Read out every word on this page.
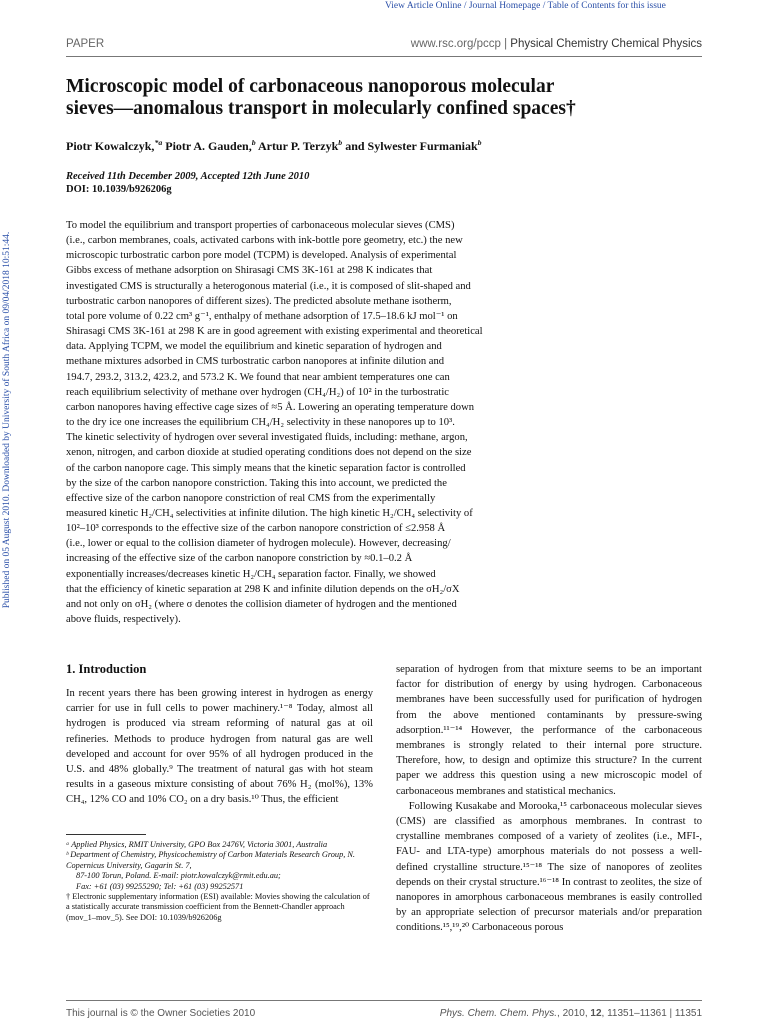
View Article Online / Journal Homepage / Table of Contents for this issue
Published on 05 August 2010. Downloaded by University of South Africa on 09/04/2018 10:51:44.
PAPER	www.rsc.org/pccp | Physical Chemistry Chemical Physics
Microscopic model of carbonaceous nanoporous molecular
sieves—anomalous transport in molecularly confined spaces†
Piotr Kowalczyk,$^{*a}$ Piotr A. Gauden,$^b$ Artur P. Terzyk$^b$ and Sylwester Furmaniak$^b$
Received 11th December 2009, Accepted 12th June 2010
DOI: 10.1039/b926206g

To model the equilibrium and transport properties of carbonaceous molecular sieves (CMS)

(i.e., carbon membranes, coals, activated carbons with ink-bottle pore geometry, etc.) the new

microscopic turbostratic carbon pore model (TCPM) is developed. Analysis of experimental

Gibbs excess of methane adsorption on Shirasagi CMS 3K-161 at 298 K indicates that

investigated CMS is structurally a heterogonous material (i.e., it is composed of slit-shaped and

turbostratic carbon nanopores of different sizes). The predicted absolute methane isotherm,

total pore volume of 0.22 cm³ g⁻¹, enthalpy of methane adsorption of 17.5–18.6 kJ mol⁻¹ on

Shirasagi CMS 3K-161 at 298 K are in good agreement with existing experimental and theoretical

data. Applying TCPM, we model the equilibrium and kinetic separation of hydrogen and

methane mixtures adsorbed in CMS turbostratic carbon nanopores at infinite dilution and

194.7, 293.2, 313.2, 423.2, and 573.2 K. We found that near ambient temperatures one can

reach equilibrium selectivity of methane over hydrogen (CH₄/H₂) of 10² in the turbostratic

carbon nanopores having effective cage sizes of ≈5 Å. Lowering an operating temperature down

to the dry ice one increases the equilibrium CH₄/H₂ selectivity in these nanopores up to 10³.

The kinetic selectivity of hydrogen over several investigated fluids, including: methane, argon,

xenon, nitrogen, and carbon dioxide at studied operating conditions does not depend on the size

of the carbon nanopore cage. This simply means that the kinetic separation factor is controlled

by the size of the carbon nanopore constriction. Taking this into account, we predicted the

effective size of the carbon nanopore constriction of real CMS from the experimentally

measured kinetic H₂/CH₄ selectivities at infinite dilution. The high kinetic H₂/CH₄ selectivity of

10²–10³ corresponds to the effective size of the carbon nanopore constriction of ≤2.958 Å

(i.e., lower or equal to the collision diameter of hydrogen molecule). However, decreasing/

increasing of the effective size of the carbon nanopore constriction by ≈0.1–0.2 Å

exponentially increases/decreases kinetic H₂/CH₄ separation factor. Finally, we showed

that the efficiency of kinetic separation at 298 K and infinite dilution depends on the σH₂/σX

and not only on σH₂ (where σ denotes the collision diameter of hydrogen and the mentioned

above fluids, respectively).

1. Introduction

In recent years there has been growing interest in hydrogen as energy carrier for use in full cells to power machinery.¹⁻⁸ Today, almost all hydrogen is produced via stream reforming of natural gas at oil refineries. Methods to produce hydrogen from natural gas are well developed and account for over 95% of all hydrogen produced in the U.S. and 48% globally.⁹ The treatment of natural gas with hot steam results in a gaseous mixture consisting of about 76% H₂ (mol%), 13% CH₄, 12% CO and 10% CO₂ on a dry basis.¹⁰ Thus, the efficient

ᵃ Applied Physics, RMIT University, GPO Box 2476V, Victoria 3001, Australia

ᵇ Department of Chemistry, Physicochemistry of Carbon Materials Research Group, N. Copernicus University, Gagarin St. 7,

87-100 Torun, Poland. E-mail: piotr.kowalczyk@rmit.edu.au;

Fax: +61 (03) 99255290; Tel: +61 (03) 99252571

† Electronic supplementary information (ESI) available: Movies showing the calculation of a statistically accurate transmission coefficient from the Bennett-Chandler approach (mov_1–mov_5). See DOI: 10.1039/b926206g

separation of hydrogen from that mixture seems to be an important factor for distribution of energy by using hydrogen. Carbonaceous membranes have been successfully used for purification of hydrogen from the above mentioned contaminants by pressure-swing adsorption.¹¹⁻¹⁴ However, the performance of the carbonaceous membranes is strongly related to their internal pore structure. Therefore, how, to design and optimize this structure? In the current paper we address this question using a new microscopic model of carbonaceous membranes and statistical mechanics.

Following Kusakabe and Morooka,¹⁵ carbonaceous molecular sieves (CMS) are classified as amorphous membranes. In contrast to crystalline membranes composed of a variety of zeolites (i.e., MFI-, FAU- and LTA-type) amorphous materials do not possess a well-defined crystalline structure.¹⁵⁻¹⁸ The size of nanopores of zeolites depends on their crystal structure.¹⁶⁻¹⁸ In contrast to zeolites, the size of nanopores in amorphous carbonaceous membranes is easily controlled by an appropriate selection of precursor materials and/or preparation conditions.¹⁵,¹⁹,²⁰ Carbonaceous porous

This journal is © the Owner Societies 2010	Phys. Chem. Chem. Phys., 2010, 12, 11351–11361 | 11351
